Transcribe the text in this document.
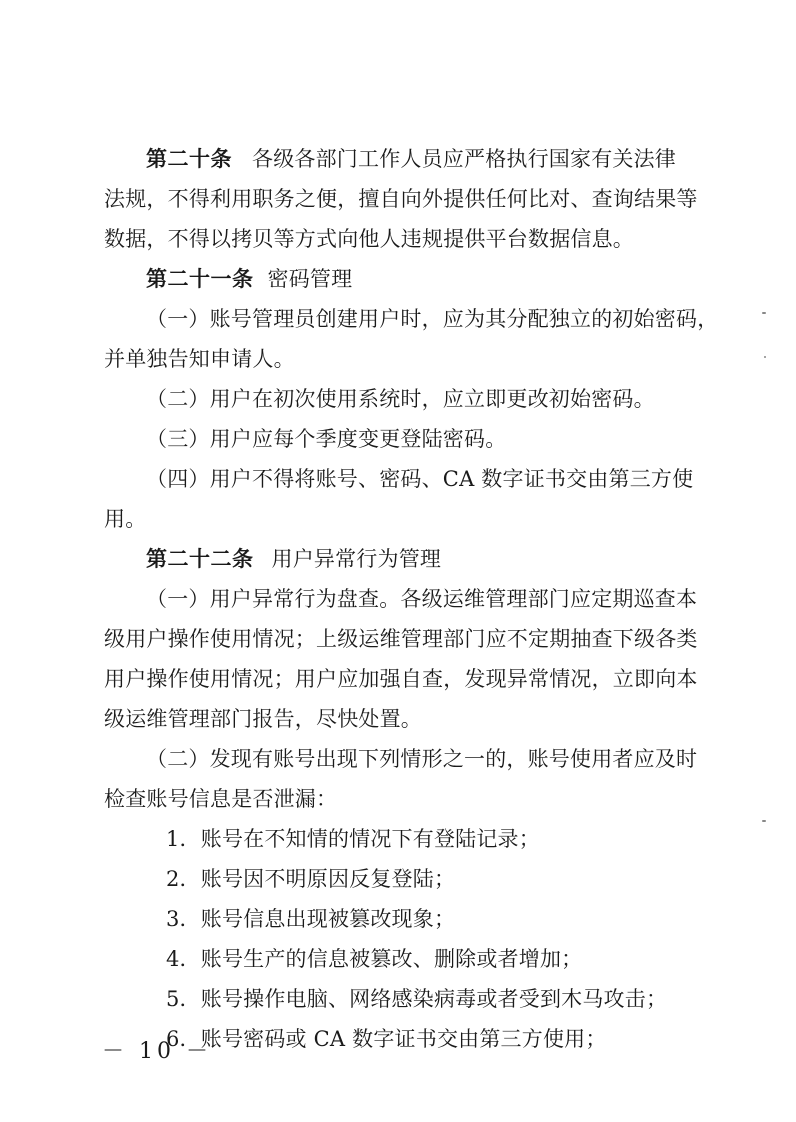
第二十条 各级各部门工作人员应严格执行国家有关法律
法规，不得利用职务之便，擅自向外提供任何比对、查询结果等
数据，不得以拷贝等方式向他人违规提供平台数据信息。
第二十一条 密码管理
（一）账号管理员创建用户时，应为其分配独立的初始密码，
并单独告知申请人。
（二）用户在初次使用系统时，应立即更改初始密码。
（三）用户应每个季度变更登陆密码。
（四）用户不得将账号、密码、CA 数字证书交由第三方使
用。
第二十二条 用户异常行为管理
（一）用户异常行为盘查。各级运维管理部门应定期巡查本
级用户操作使用情况；上级运维管理部门应不定期抽查下级各类
用户操作使用情况；用户应加强自查，发现异常情况，立即向本
级运维管理部门报告，尽快处置。
（二）发现有账号出现下列情形之一的，账号使用者应及时
检查账号信息是否泄漏：
1．账号在不知情的情况下有登陆记录；
2．账号因不明原因反复登陆；
3．账号信息出现被篡改现象；
4．账号生产的信息被篡改、删除或者增加；
5．账号操作电脑、网络感染病毒或者受到木马攻击；
6．账号密码或 CA 数字证书交由第三方使用；
－ 10 －
